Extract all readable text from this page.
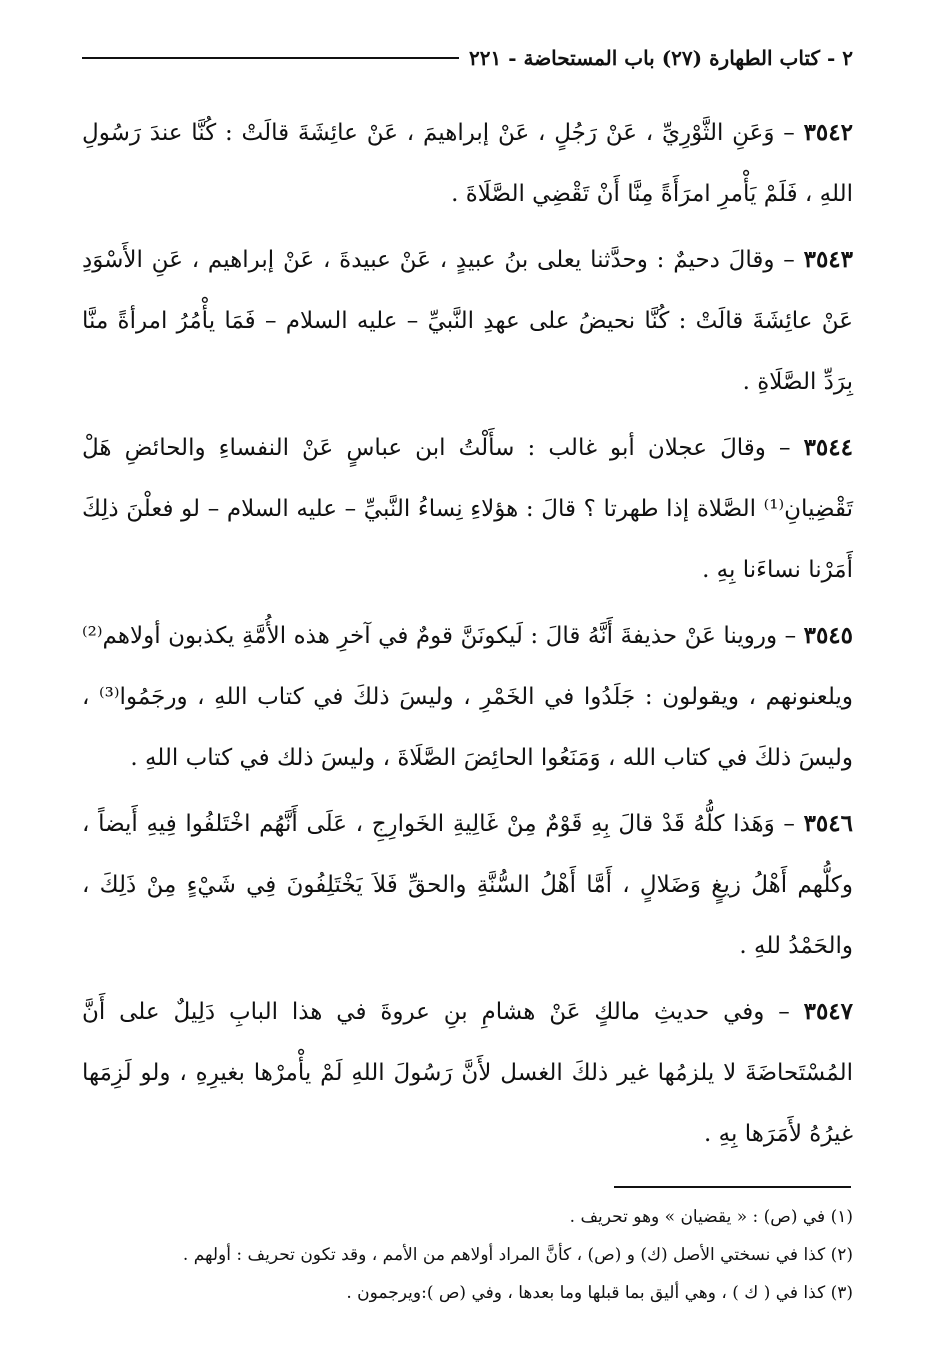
٢ - كتاب الطهارة (٢٧) باب المستحاضة - ٢٢١

٣٥٤٢ – وَعَنِ الثَّوْرِيِّ ، عَنْ رَجُلٍ ، عَنْ إبراهيمَ ، عَنْ عائِشَةَ قالَتْ : كُنَّا عندَ رَسُولِ اللهِ ، فَلَمْ يَأْمرِ امرَأَةً مِنَّا أَنْ تَقْضِي الصَّلَاةَ .

٣٥٤٣ – وقالَ دحيمٌ : وحدَّثنا يعلى بنُ عبيدٍ ، عَنْ عبيدةَ ، عَنْ إبراهيم ، عَنِ الأَسْوَدِ عَنْ عائِشَةَ قالَتْ : كُنَّا نحيضُ على عهدِ النَّبيِّ – عليه السلام – فَمَا يأْمُرُ امرأةً منَّا بِرَدِّ الصَّلَاةِ .

٣٥٤٤ – وقالَ عجلان أبو غالب : سأَلْتُ ابن عباسٍ عَنْ النفساءِ والحائضِ هَلْ تَقْضِيانِ⁽¹⁾ الصَّلاة إذا طهرتا ؟ قالَ : هؤلاءِ نِساءُ النَّبيِّ – عليه السلام – لو فعلْنَ ذلِكَ أَمَرْنا نساءَنا بِهِ .

٣٥٤٥ – وروينا عَنْ حذيفةَ أَنَّهُ قالَ : لَيكونَنَّ قومٌ في آخرِ هذه الأُمَّةِ يكذبون أولاهم⁽²⁾ ويلعنونهم ، ويقولون : جَلَدُوا في الخَمْرِ ، وليسَ ذلكَ في كتاب اللهِ ، ورجَمُوا⁽³⁾ ، وليسَ ذلكَ في كتاب الله ، وَمَنَعُوا الحائِضَ الصَّلَاةَ ، وليسَ ذلك في كتاب اللهِ .

٣٥٤٦ – وَهَذا كلُّهُ قَدْ قالَ بِهِ قَوْمٌ مِنْ غَالِيةِ الخَوارِجِ ، عَلَى أَنَّهُم اخْتَلفُوا فِيهِ أَيضاً ، وكلُّهم أَهْلُ زيغٍ وَضَلالٍ ، أَمَّا أَهْلُ السُّنَّةِ والحقِّ فَلاَ يَخْتَلِفُونَ فِي شَيْءٍ مِنْ ذَلِكَ ، والحَمْدُ للهِ .

٣٥٤٧ – وفي حديثِ مالكٍ عَنْ هشامِ بنِ عروةَ في هذا البابِ دَلِيلٌ على أَنَّ المُسْتَحاضَةَ لا يلزمُها غير ذلكَ الغسل لأَنَّ رَسُولَ اللهِ لَمْ يأْمرْها بغيرِهِ ، ولو لَزِمَها غيرُهُ لأَمَرَها بِهِ .

(١) في (ص) : « يقضيان » وهو تحريف .

(٢) كذا في نسختي الأصل (ك) و (ص) ، كأنَّ المراد أولاهم من الأمم ، وقد تكون تحريف : أولهم .

(٣) كذا في ( ك ) ، وهي أليق بما قبلها وما بعدها ، وفي (ص ):ويرجمون .
